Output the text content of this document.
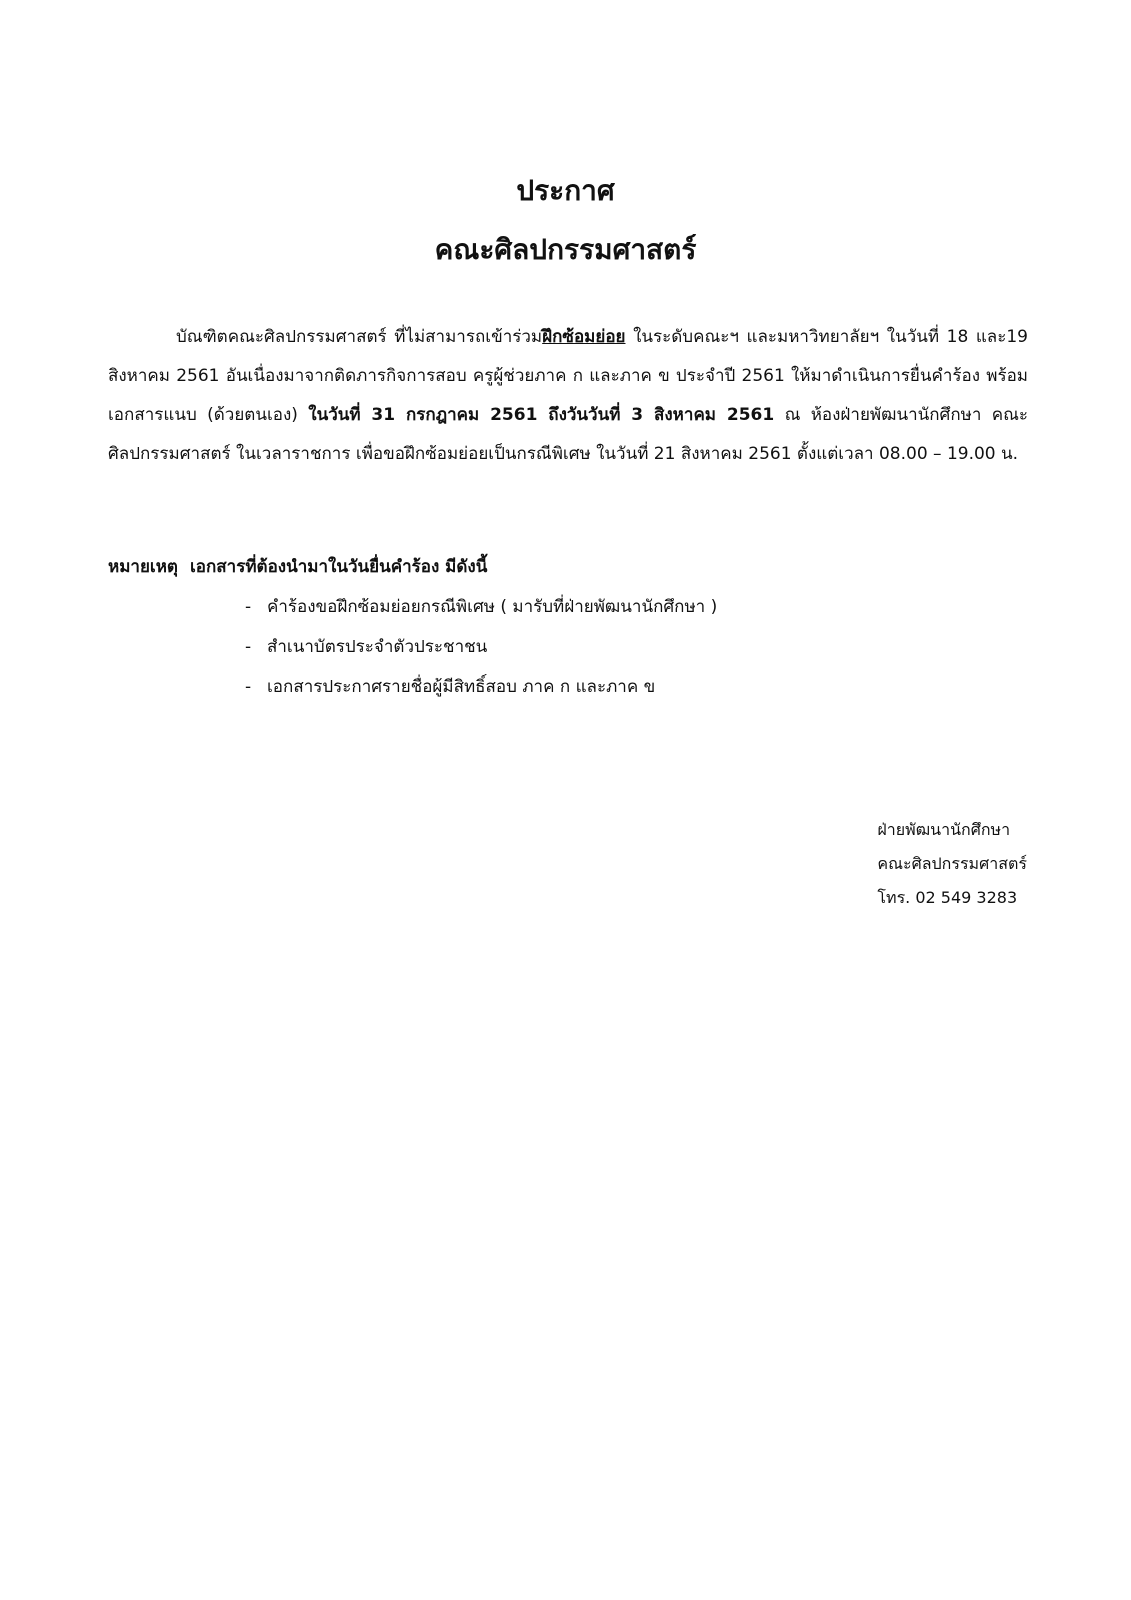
ประกาศ
คณะศิลปกรรมศาสตร์
บัณฑิตคณะศิลปกรรมศาสตร์ ที่ไม่สามารถเข้าร่วมฝึกซ้อมย่อย ในระดับคณะฯ และมหาวิทยาลัยฯ ในวันที่ 18 และ19 สิงหาคม 2561 อันเนื่องมาจากติดภารกิจการสอบ ครูผู้ช่วยภาค ก และภาค ข ประจำปี 2561 ให้มาดำเนินการยื่นคำร้อง พร้อมเอกสารแนบ (ด้วยตนเอง) ในวันที่ 31 กรกฎาคม 2561 ถึงวันวันที่ 3 สิงหาคม 2561 ณ ห้องฝ่ายพัฒนานักศึกษา คณะศิลปกรรมศาสตร์ ในเวลาราชการ เพื่อขอฝึกซ้อมย่อยเป็นกรณีพิเศษ ในวันที่ 21 สิงหาคม 2561 ตั้งแต่เวลา 08.00 – 19.00 น.
หมายเหตุ เอกสารที่ต้องนำมาในวันยื่นคำร้อง มีดังนี้
- คำร้องขอฝึกซ้อมย่อยกรณีพิเศษ ( มารับที่ฝ่ายพัฒนานักศึกษา )
- สำเนาบัตรประจำตัวประชาชน
- เอกสารประกาศรายชื่อผู้มีสิทธิ์สอบ ภาค ก และภาค ข
ฝ่ายพัฒนานักศึกษา
คณะศิลปกรรมศาสตร์
โทร. 02 549 3283
